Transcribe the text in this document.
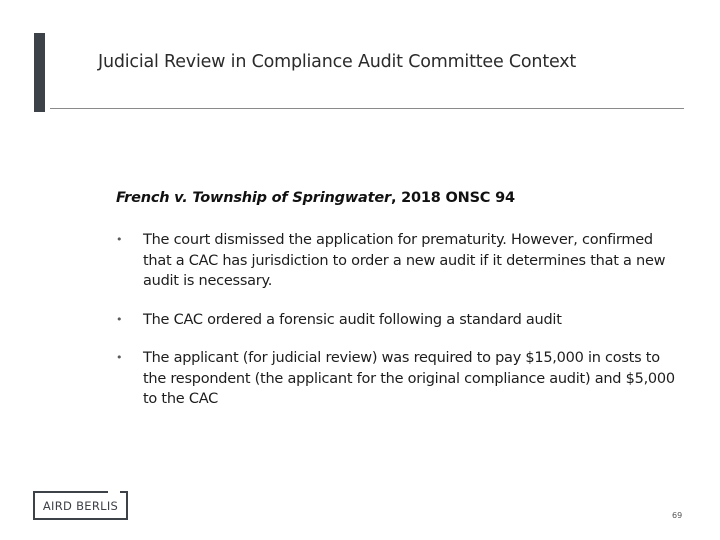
Judicial Review in Compliance Audit Committee Context
French v. Township of Springwater, 2018 ONSC 94
• The court dismissed the application for prematurity. However, confirmed that a CAC has jurisdiction to order a new audit if it determines that a new audit is necessary.
• The CAC ordered a forensic audit following a standard audit
• The applicant (for judicial review) was required to pay $15,000 in costs to the respondent (the applicant for the original compliance audit) and $5,000 to the CAC
AIRD BERLIS
69
